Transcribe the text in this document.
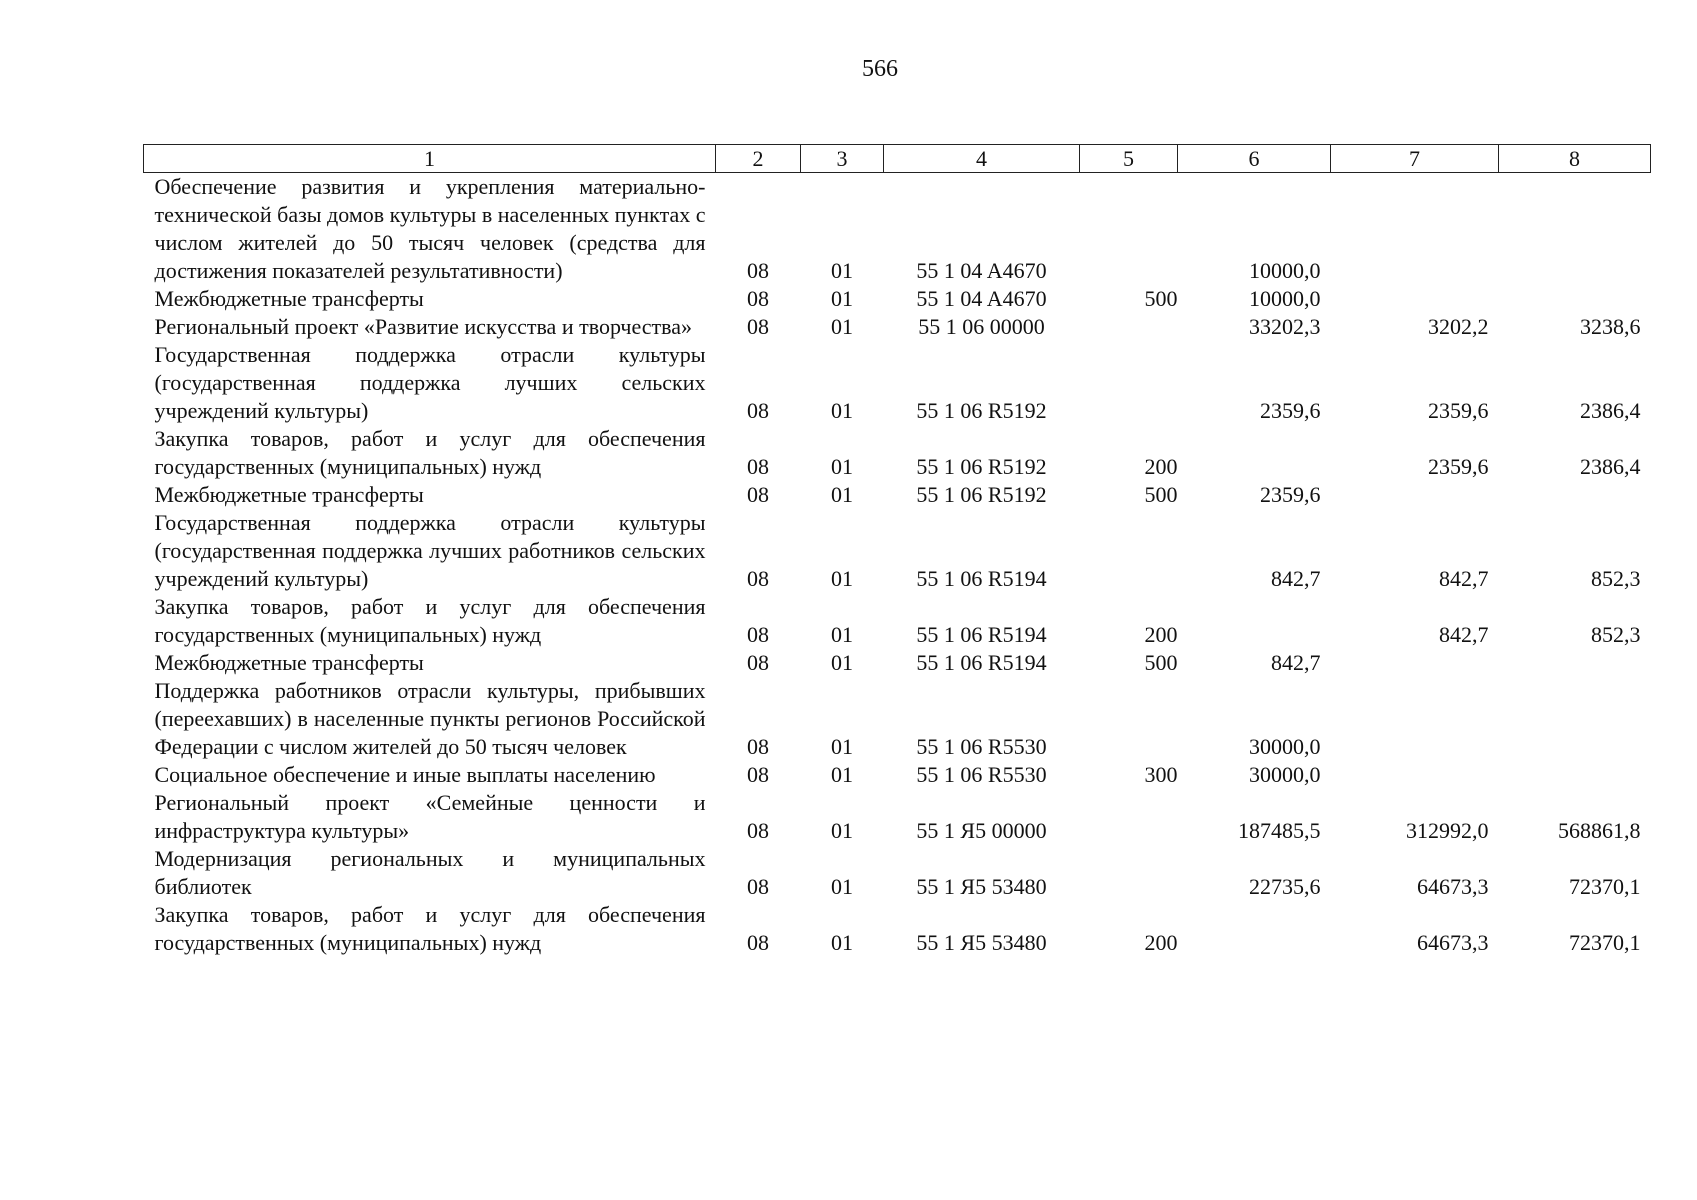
566
1	2	3	4	5	6	7	8
Обеспечение развития и укрепления материально-технической базы домов культуры в населенных пунктах с числом жителей до 50 тысяч человек (средства для достижения показателей результативности)	08	01	55 1 04 A4670		10000,0		
Межбюджетные трансферты	08	01	55 1 04 A4670	500	10000,0		
Региональный проект «Развитие искусства и творчества»	08	01	55 1 06 00000		33202,3	3202,2	3238,6
Государственная поддержка отрасли культуры (государственная поддержка лучших сельских учреждений культуры)	08	01	55 1 06 R5192		2359,6	2359,6	2386,4
Закупка товаров, работ и услуг для обеспечения государственных (муниципальных) нужд	08	01	55 1 06 R5192	200		2359,6	2386,4
Межбюджетные трансферты	08	01	55 1 06 R5192	500	2359,6		
Государственная поддержка отрасли культуры (государственная поддержка лучших работников сельских учреждений культуры)	08	01	55 1 06 R5194		842,7	842,7	852,3
Закупка товаров, работ и услуг для обеспечения государственных (муниципальных) нужд	08	01	55 1 06 R5194	200		842,7	852,3
Межбюджетные трансферты	08	01	55 1 06 R5194	500	842,7		
Поддержка работников отрасли культуры, прибывших (переехавших) в населенные пункты регионов Российской Федерации с числом жителей до 50 тысяч человек	08	01	55 1 06 R5530		30000,0		
Социальное обеспечение и иные выплаты населению	08	01	55 1 06 R5530	300	30000,0		
Региональный проект «Семейные ценности и инфраструктура культуры»	08	01	55 1 Я5 00000		187485,5	312992,0	568861,8
Модернизация региональных и муниципальных библиотек	08	01	55 1 Я5 53480		22735,6	64673,3	72370,1
Закупка товаров, работ и услуг для обеспечения государственных (муниципальных) нужд	08	01	55 1 Я5 53480	200		64673,3	72370,1
